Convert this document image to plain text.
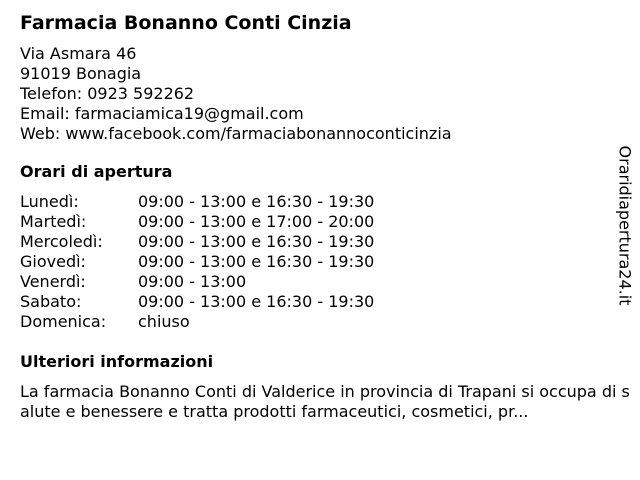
Farmacia Bonanno Conti Cinzia
Via Asmara 46
91019 Bonagia
Telefon: 0923 592262
Email: farmaciamica19@gmail.com
Web: www.facebook.com/farmaciabonannoconticinzia
Orari di apertura
Lunedì:	09:00 - 13:00 e 16:30 - 19:30
Martedì:	09:00 - 13:00 e 17:00 - 20:00
Mercoledì:	09:00 - 13:00 e 16:30 - 19:30
Giovedì:	09:00 - 13:00 e 16:30 - 19:30
Venerdì:	09:00 - 13:00
Sabato:	09:00 - 13:00 e 16:30 - 19:30
Domenica:	chiuso
Ulteriori informazioni
La farmacia Bonanno Conti di Valderice in provincia di Trapani si occupa di salute e benessere e tratta prodotti farmaceutici, cosmetici, pr...
Oraridiapertura24.it
